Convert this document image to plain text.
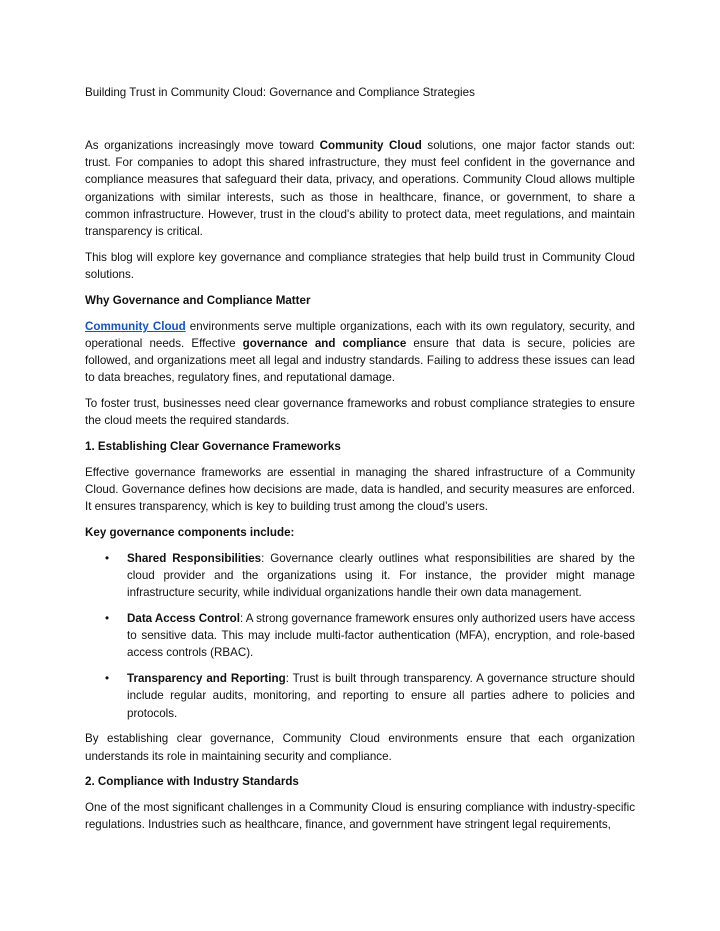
Building Trust in Community Cloud: Governance and Compliance Strategies

As organizations increasingly move toward Community Cloud solutions, one major factor stands out: trust. For companies to adopt this shared infrastructure, they must feel confident in the governance and compliance measures that safeguard their data, privacy, and operations. Community Cloud allows multiple organizations with similar interests, such as those in healthcare, finance, or government, to share a common infrastructure. However, trust in the cloud's ability to protect data, meet regulations, and maintain transparency is critical.

This blog will explore key governance and compliance strategies that help build trust in Community Cloud solutions.

Why Governance and Compliance Matter

Community Cloud environments serve multiple organizations, each with its own regulatory, security, and operational needs. Effective governance and compliance ensure that data is secure, policies are followed, and organizations meet all legal and industry standards. Failing to address these issues can lead to data breaches, regulatory fines, and reputational damage.

To foster trust, businesses need clear governance frameworks and robust compliance strategies to ensure the cloud meets the required standards.

1. Establishing Clear Governance Frameworks

Effective governance frameworks are essential in managing the shared infrastructure of a Community Cloud. Governance defines how decisions are made, data is handled, and security measures are enforced. It ensures transparency, which is key to building trust among the cloud’s users.

Key governance components include:
• Shared Responsibilities: Governance clearly outlines what responsibilities are shared by the cloud provider and the organizations using it. For instance, the provider might manage infrastructure security, while individual organizations handle their own data management.
• Data Access Control: A strong governance framework ensures only authorized users have access to sensitive data. This may include multi-factor authentication (MFA), encryption, and role-based access controls (RBAC).
• Transparency and Reporting: Trust is built through transparency. A governance structure should include regular audits, monitoring, and reporting to ensure all parties adhere to policies and protocols.

By establishing clear governance, Community Cloud environments ensure that each organization understands its role in maintaining security and compliance.

2. Compliance with Industry Standards

One of the most significant challenges in a Community Cloud is ensuring compliance with industry-specific regulations. Industries such as healthcare, finance, and government have stringent legal requirements,
